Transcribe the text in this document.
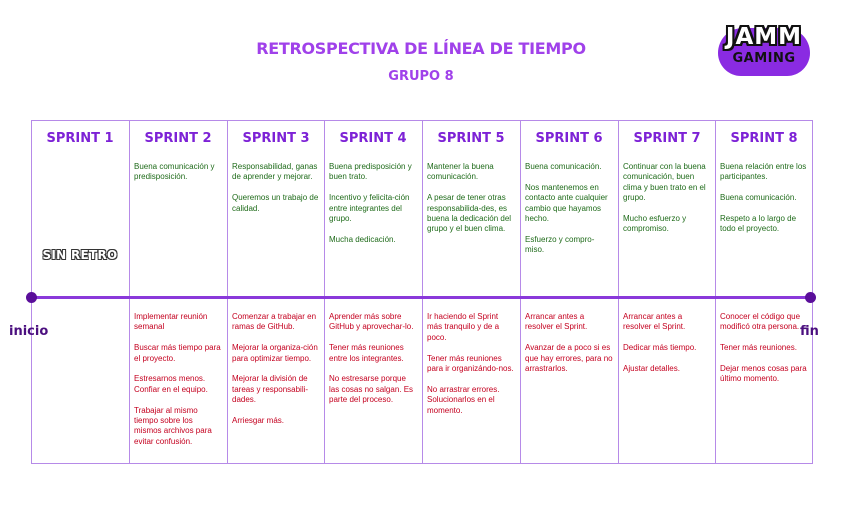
RETROSPECTIVA DE LÍNEA DE TIEMPO
GRUPO 8
JAMM
GAMING
SPRINT 1	SPRINT 2

Buena comunicación y predisposición.

Implementar reunión semanal

Buscar más tiempo para el proyecto.

Estresarnos menos. Confiar en el equipo.

Trabajar al mismo tiempo sobre los mismos archivos para evitar confusión.

SPRINT 3

Responsabilidad, ganas de aprender y mejorar.

Queremos un trabajo de calidad.

Comenzar a trabajar en ramas de GitHub.

Mejorar la organiza-ción para optimizar tiempo.

Mejorar la división de tareas y responsabili-dades.

Arriesgar más.

SPRINT 4

Buena predisposición y buen trato.

Incentivo y felicita-ción entre integrantes del grupo.

Mucha dedicación.

Aprender más sobre GitHub y aprovechar-lo.

Tener más reuniones entre los integrantes.

No estresarse porque las cosas no salgan. Es parte del proceso.

SPRINT 5

Mantener la buena comunicación.

A pesar de tener otras responsabilida-des, es buena la dedicación del grupo y el buen clima.

Ir haciendo el Sprint más tranquilo y de a poco.

Tener más reuniones para ir organizándo-nos.

No arrastrar errores. Solucionarlos en el momento.

SPRINT 6

Buena comunicación.

Nos mantenemos en contacto ante cualquier cambio que hayamos hecho.

Esfuerzo y compro-miso.

Arrancar antes a resolver el Sprint.

Avanzar de a poco si es que hay errores, para no arrastrarlos.

SPRINT 7

Continuar con la buena comunicación, buen clima y buen trato en el grupo.

Mucho esfuerzo y compromiso.

Arrancar antes a resolver el Sprint.

Dedicar más tiempo.

Ajustar detalles.

SPRINT 8

Buena relación entre los participantes.

Buena comunicación.

Respeto a lo largo de todo el proyecto.

Conocer el código que modificó otra persona.

Tener más reuniones.

Dejar menos cosas para último momento.

inicio	fin
SIN RETRO
